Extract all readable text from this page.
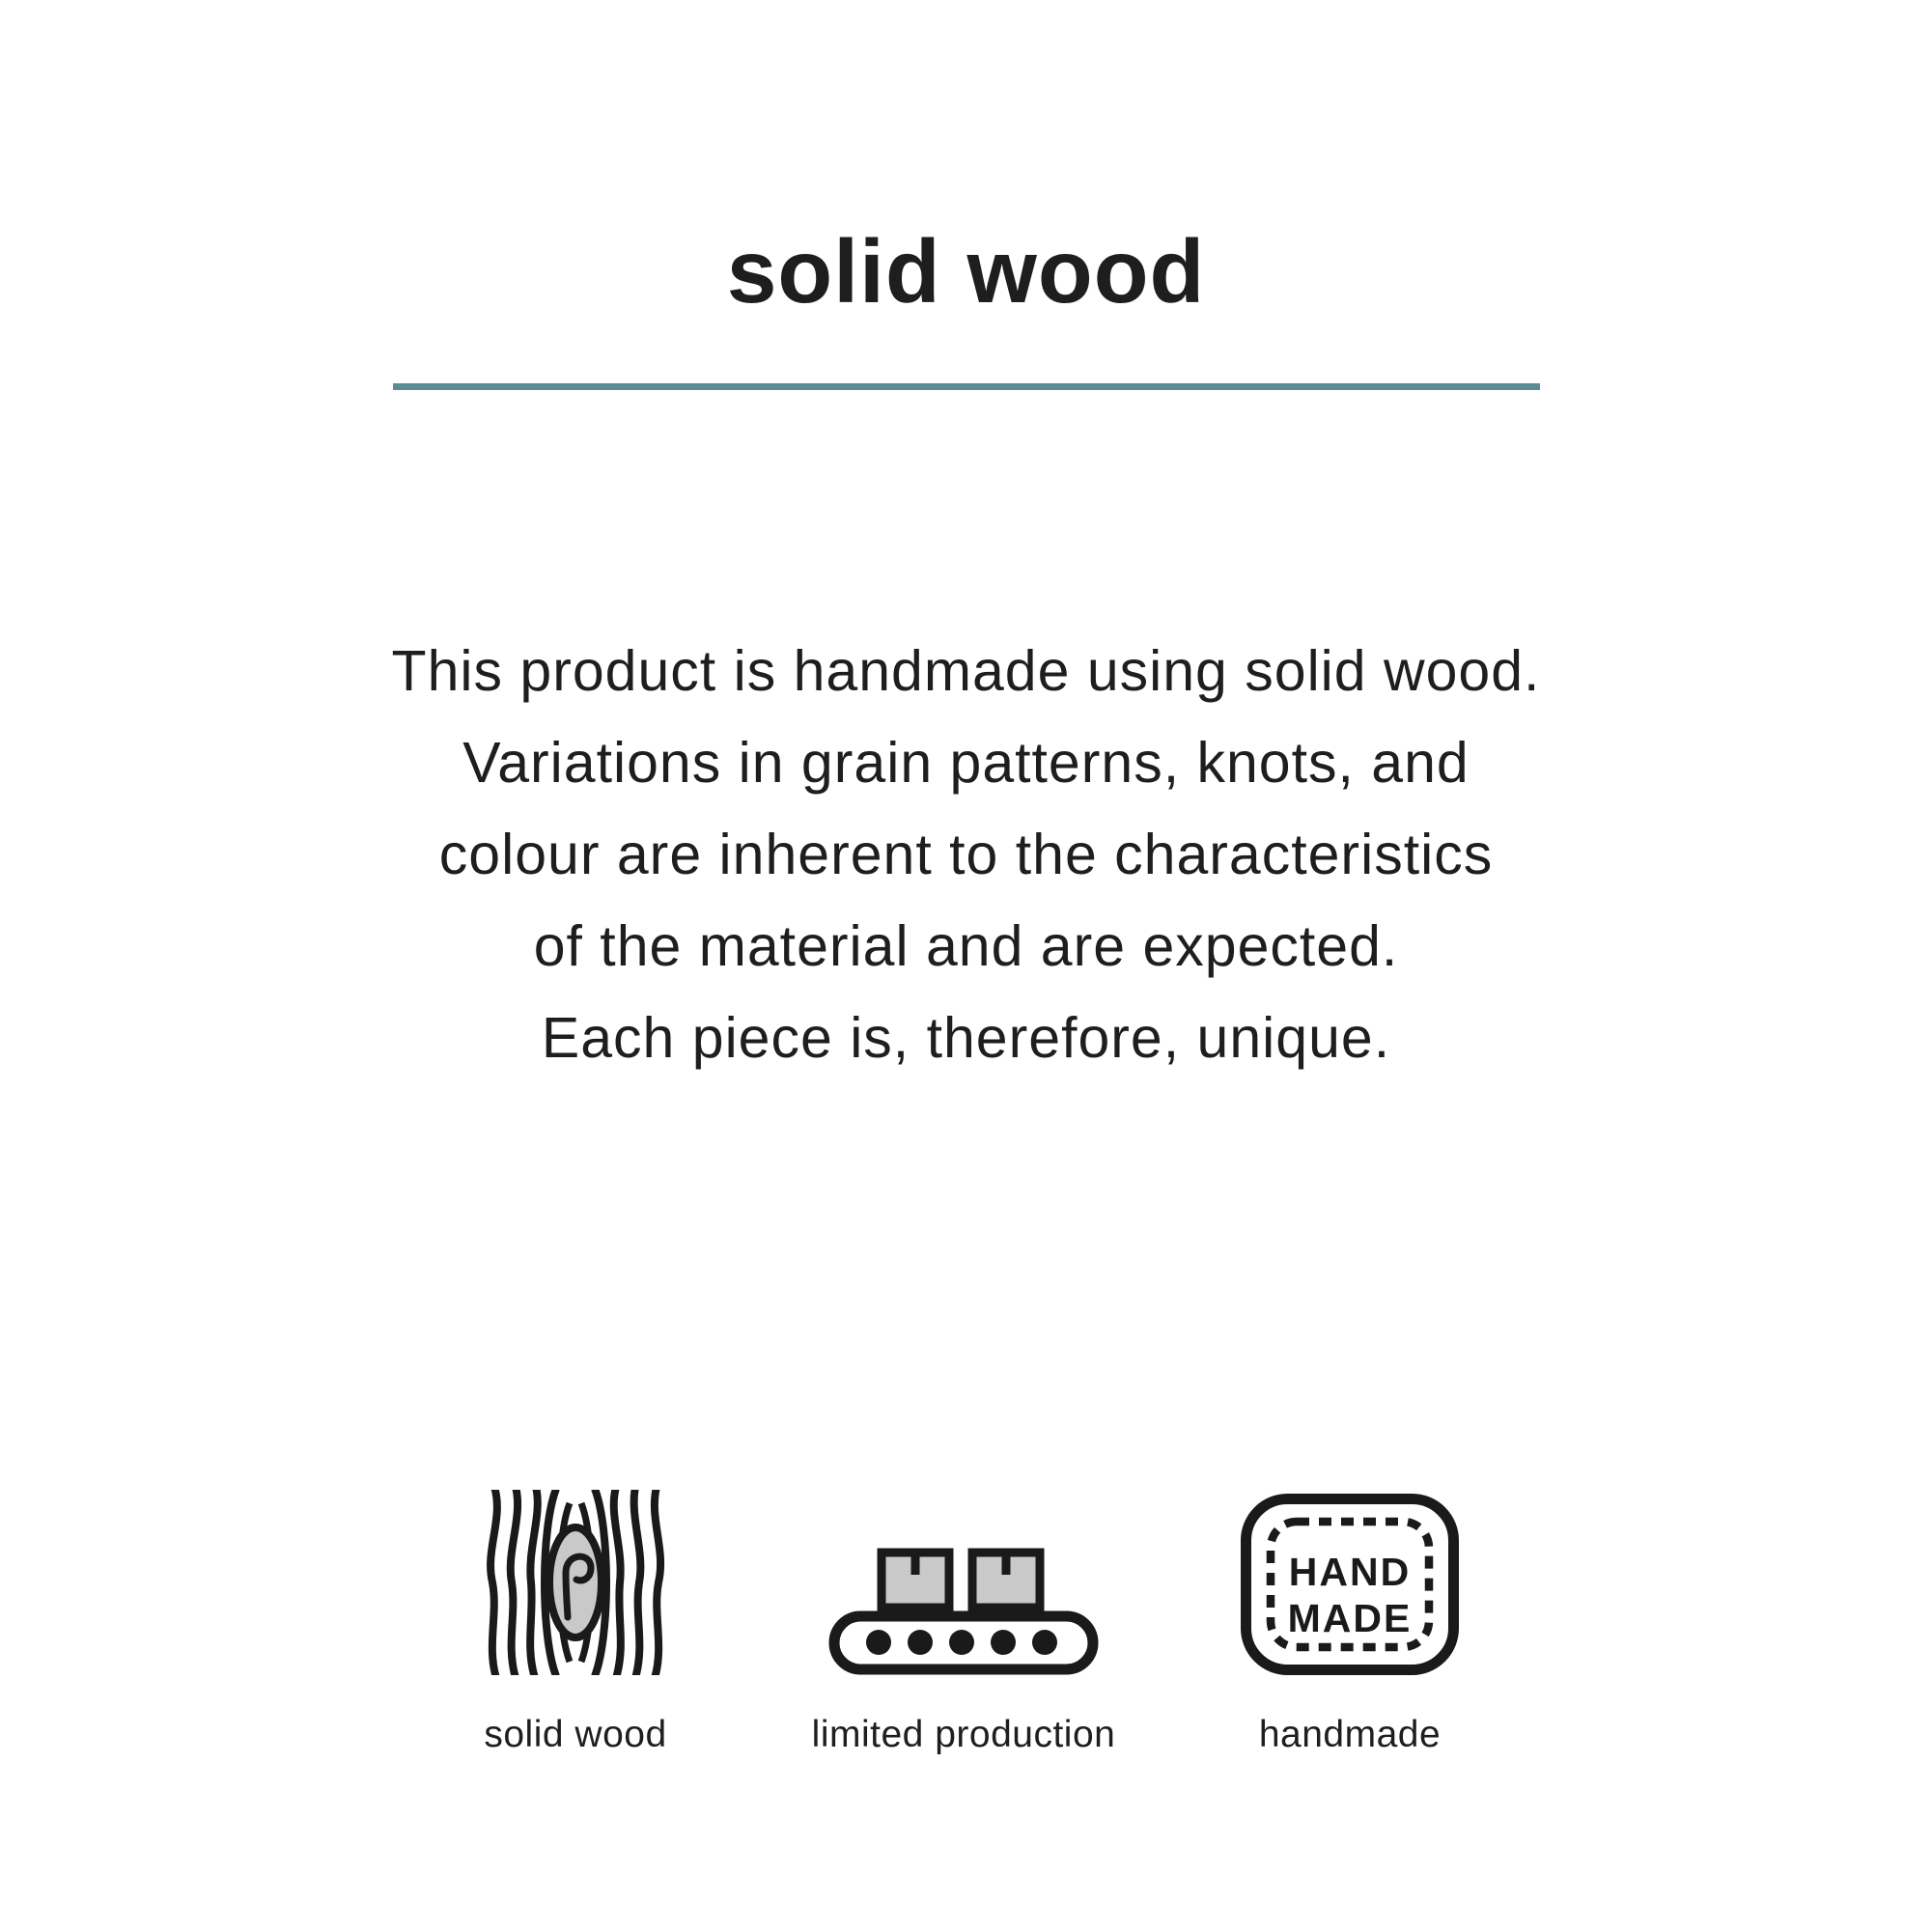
solid wood
This product is handmade using solid wood.
Variations in grain patterns, knots, and
colour are inherent to the characteristics
of the material and are expected.
Each piece is, therefore, unique.
solid wood	limited production
HAND
MADE
handmade
